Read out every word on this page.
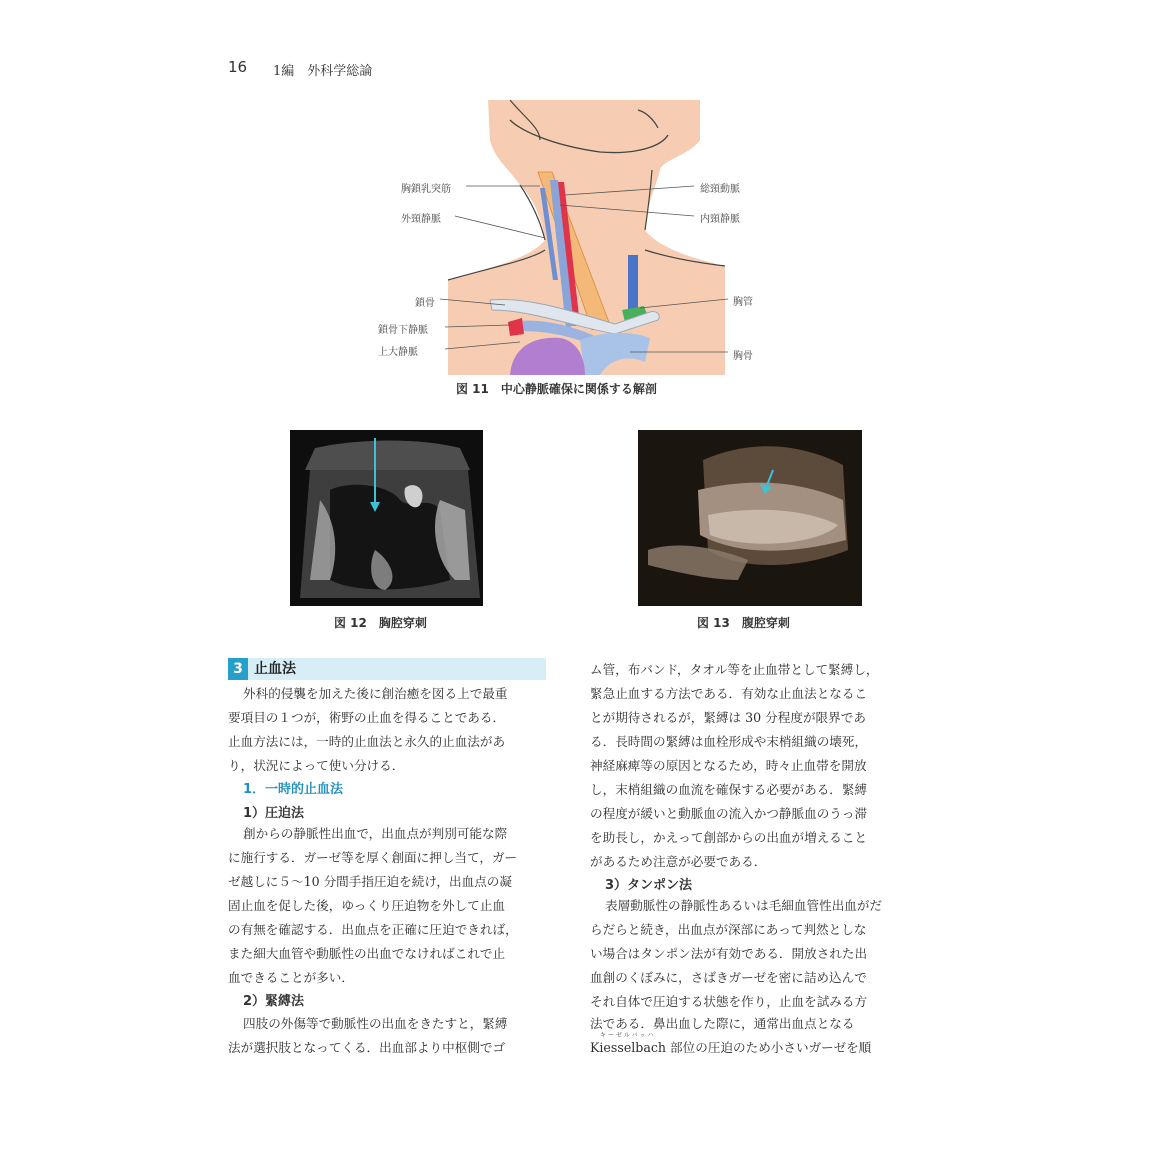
16 1編　外科学総論
胸鎖乳突筋
外頸静脈
鎖骨
鎖骨下静脈
上大静脈
総頸動脈
内頸静脈
胸管
胸骨
図 11　中心静脈確保に関係する解剖
図 12　胸腔穿刺	図 13　腹腔穿刺
3 止血法
外科的侵襲を加えた後に創治癒を図る上で最重
要項目の１つが，術野の止血を得ることである．
止血方法には，一時的止血法と永久的止血法があ
り，状況によって使い分ける．
1．一時的止血法
1）圧迫法
創からの静脈性出血で，出血点が判別可能な際
に施行する．ガーゼ等を厚く創面に押し当て，ガー
ゼ越しに５〜10 分間手指圧迫を続け，出血点の凝
固止血を促した後，ゆっくり圧迫物を外して止血
の有無を確認する．出血点を正確に圧迫できれば，
また細大血管や動脈性の出血でなければこれで止
血できることが多い．
2）緊縛法
四肢の外傷等で動脈性の出血をきたすと，緊縛
法が選択肢となってくる．出血部より中枢側でゴ
ム管，布バンド，タオル等を止血帯として緊縛し，
緊急止血する方法である．有効な止血法となるこ
とが期待されるが，緊縛は 30 分程度が限界であ
る．長時間の緊縛は血栓形成や末梢組織の壊死，
神経麻痺等の原因となるため，時々止血帯を開放
し，末梢組織の血流を確保する必要がある．緊縛
の程度が緩いと動脈血の流入かつ静脈血のうっ滞
を助長し，かえって創部からの出血が増えること
があるため注意が必要である．
3）タンポン法
表層動脈性の静脈性あるいは毛細血管性出血がだ
らだらと続き，出血点が深部にあって判然としな
い場合はタンポン法が有効である．開放された出
血創のくぼみに，さばきガーゼを密に詰め込んで
それ自体で圧迫する状態を作り，止血を試みる方
法である．鼻出血した際に，通常出血点となる
キーゼルバッハ
Kiesselbach 部位の圧迫のため小さいガーゼを順
